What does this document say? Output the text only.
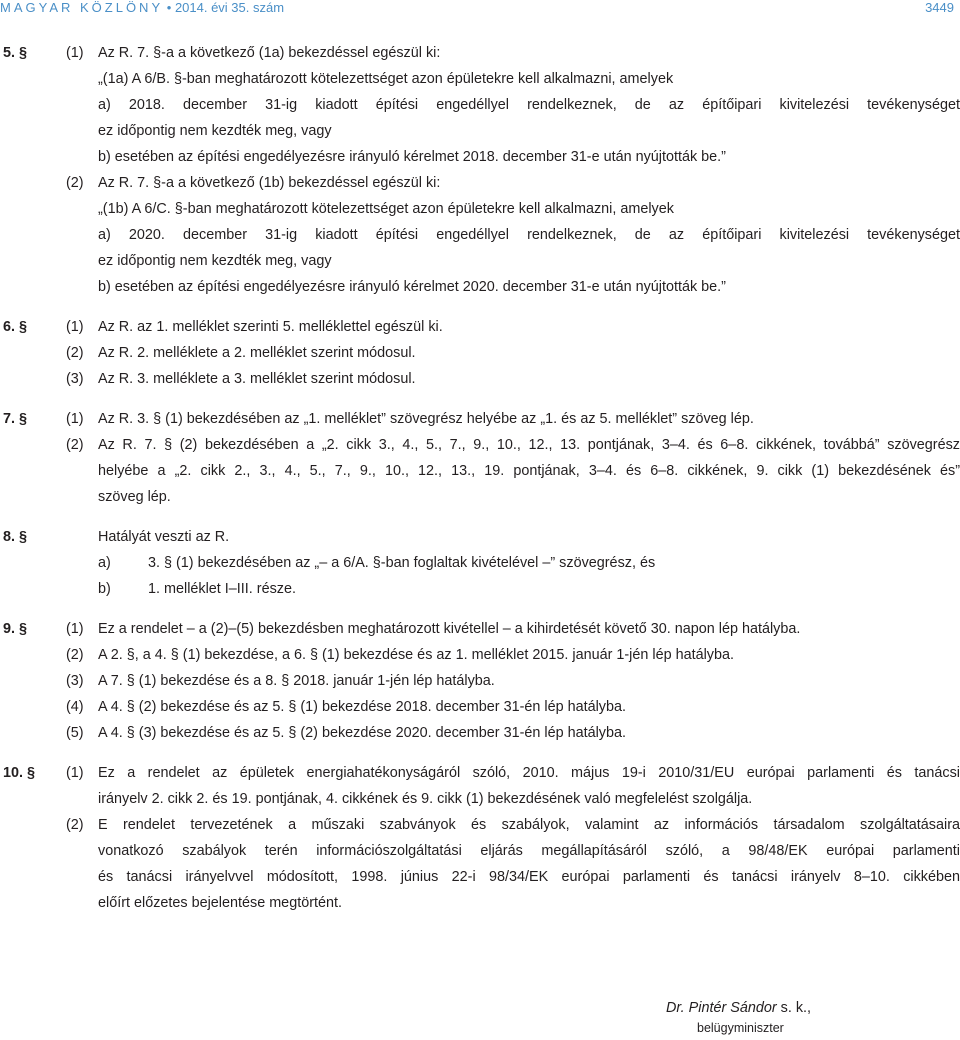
MAGYAR KÖZLÖNY • 2014. évi 35. szám	3449
5. §	(1) Az R. 7. §-a a következő (1a) bekezdéssel egészül ki:
„(1a) A 6/B. §-ban meghatározott kötelezettséget azon épületekre kell alkalmazni, amelyek
a) 2018. december 31-ig kiadott építési engedéllyel rendelkeznek, de az építőipari kivitelezési tevékenységet
ez időpontig nem kezdték meg, vagy
b) esetében az építési engedélyezésre irányuló kérelmet 2018. december 31-e után nyújtották be.”
(2) Az R. 7. §-a a következő (1b) bekezdéssel egészül ki:
„(1b) A 6/C. §-ban meghatározott kötelezettséget azon épületekre kell alkalmazni, amelyek
a) 2020. december 31-ig kiadott építési engedéllyel rendelkeznek, de az építőipari kivitelezési tevékenységet
ez időpontig nem kezdték meg, vagy
b) esetében az építési engedélyezésre irányuló kérelmet 2020. december 31-e után nyújtották be.”
6. §	(1) Az R. az 1. melléklet szerinti 5. melléklettel egészül ki.
(2) Az R. 2. melléklete a 2. melléklet szerint módosul.
(3) Az R. 3. melléklete a 3. melléklet szerint módosul.
7. §	(1) Az R. 3. § (1) bekezdésében az „1. melléklet” szövegrész helyébe az „1. és az 5. melléklet” szöveg lép.
(2) Az R. 7. § (2) bekezdésében a „2. cikk 3., 4., 5., 7., 9., 10., 12., 13. pontjának, 3–4. és 6–8. cikkének, továbbá” szövegrész
helyébe a „2. cikk 2., 3., 4., 5., 7., 9., 10., 12., 13., 19. pontjának, 3–4. és 6–8. cikkének, 9. cikk (1) bekezdésének és”
szöveg lép.
8. §	Hatályát veszti az R.
a)	3. § (1) bekezdésében az „– a 6/A. §-ban foglaltak kivételével –” szövegrész, és
b)	1. melléklet I–III. része.
9. §	(1) Ez a rendelet – a (2)–(5) bekezdésben meghatározott kivétellel – a kihirdetését követő 30. napon lép hatályba.
(2) A 2. §, a 4. § (1) bekezdése, a 6. § (1) bekezdése és az 1. melléklet 2015. január 1-jén lép hatályba.
(3) A 7. § (1) bekezdése és a 8. § 2018. január 1-jén lép hatályba.
(4) A 4. § (2) bekezdése és az 5. § (1) bekezdése 2018. december 31-én lép hatályba.
(5) A 4. § (3) bekezdése és az 5. § (2) bekezdése 2020. december 31-én lép hatályba.
10. § (1) Ez a rendelet az épületek energiahatékonyságáról szóló, 2010. május 19-i 2010/31/EU európai parlamenti és tanácsi
irányelv 2. cikk 2. és 19. pontjának, 4. cikkének és 9. cikk (1) bekezdésének való megfelelést szolgálja.
(2) E rendelet tervezetének a műszaki szabványok és szabályok, valamint az információs társadalom szolgáltatásaira
vonatkozó szabályok terén információszolgáltatási eljárás megállapításáról szóló, a 98/48/EK európai parlamenti
és tanácsi irányelvvel módosított, 1998. június 22-i 98/34/EK európai parlamenti és tanácsi irányelv 8–10. cikkében
előírt előzetes bejelentése megtörtént.
Dr. Pintér Sándor s. k.,
belügyminiszter
